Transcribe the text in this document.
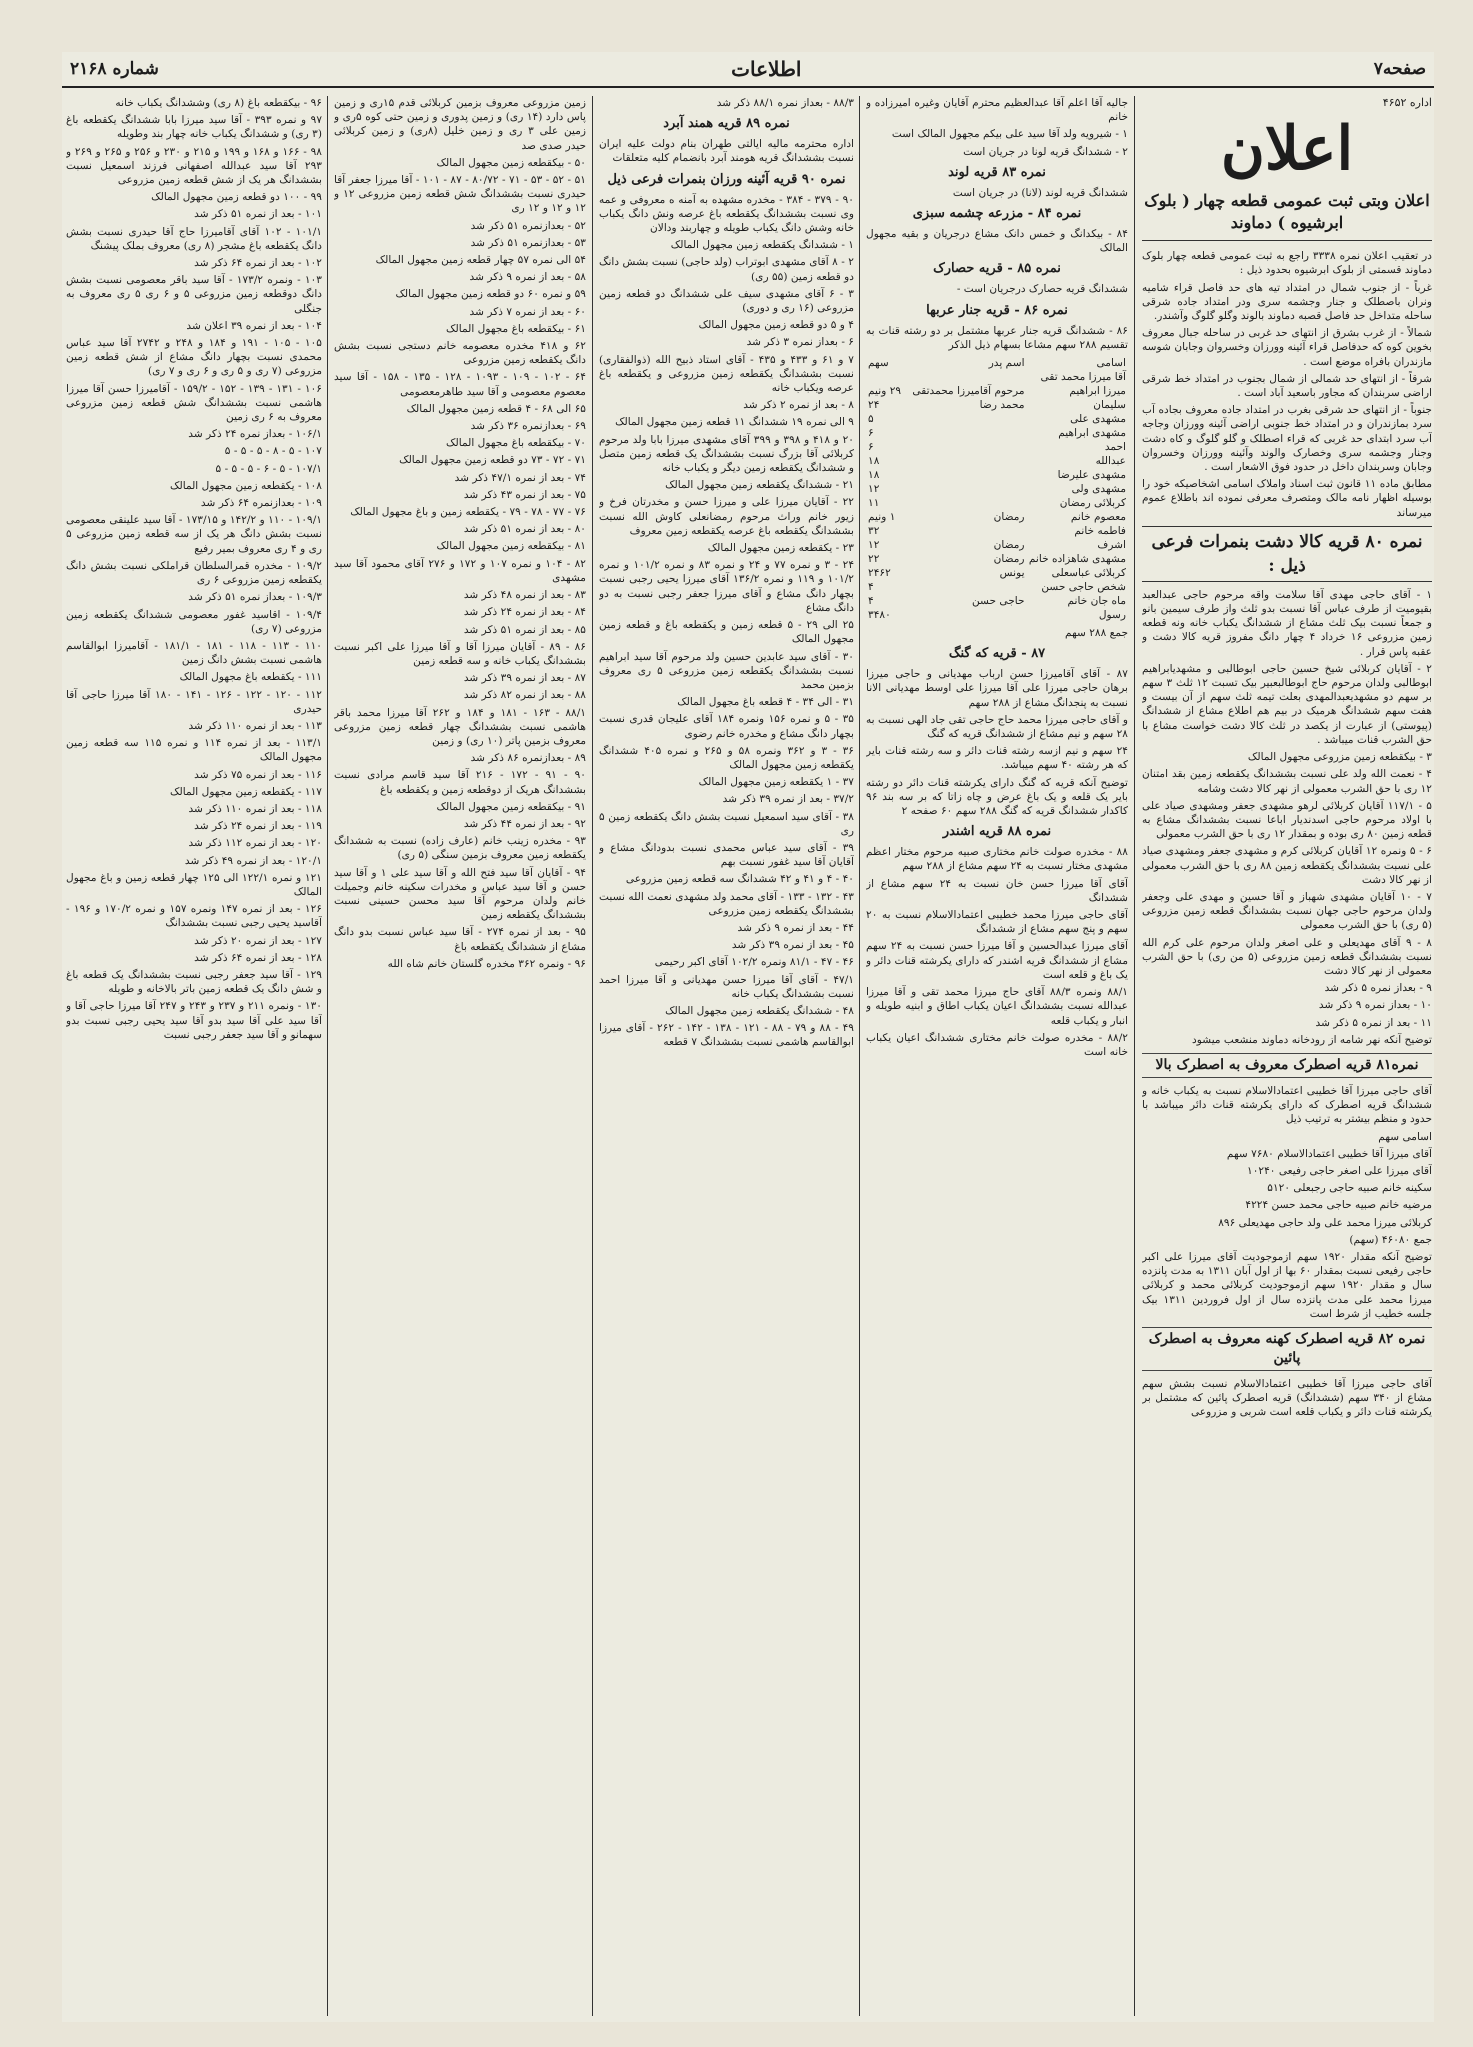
صفحه۷
اطلاعات
شماره ۲۱۶۸
اداره ۴۶۵۲
اعلان
اعلان وبتی ثبت عمومی قطعه چهار ( بلوک ابرشیوه ) دماوند

در تعقیب اعلان نمره ۳۳۳۸ راجع به ثبت عمومی قطعه چهار بلوک دماوند قسمتی از بلوک ابرشیوه بحدود ذیل :

غرباً - از جنوب شمال در امتداد تیه های حد فاصل قراء شامیه ونران باصطلک و جنار وجشمه سری ودر امتداد جاده شرقی ساحله متداخل حد فاصل قصبه دماوند بالوند وگلو گلوگ وآشندر.

شمالاً - از غرب بشرق از انتهای حد غربی در ساحله جبال معروف بخوین کوه که حدفاصل قراء آئینه وورزان وخسروان وجابان شوسه مازندران بافراه موضع است .

شرقاً - از انتهای حد شمالی از شمال بجنوب در امتداد خط شرقی اراضی سربندان که مجاور باسعید آباد است .

جنوباً - از انتهای حد شرقی بغرب در امتداد جاده معروف بجاده آب سرد بمازندران و در امتداد خط جنوبی اراضی آئینه وورزان وجاجه آب سرد ابتدای حد غربی که قراء اصطلک و گلو گلوگ و کاه دشت وجنار وجشمه سری وخصارک والوند وآئینه وورزان وخسروان وجابان وسربندان داخل در حدود فوق الاشعار است .

مطابق ماده ۱۱ قانون ثبت اسناد واملاک اسامی اشخاصیکه خود را بوسیله اظهار نامه مالک ومتصرف معرفی نموده اند باطلاع عموم میرساند

نمره ۸۰ قریه کالا دشت بنمرات فرعی ذیل :

۱ - آقای حاجی مهدی آقا سلامت واقه مرحوم حاجی عبدالعبد بقیومیت از طرف عباس آقا نسبت بدو ثلث واز طرف سیمین بانو و جمعاً نسبت بیک ثلث مشاع از ششدانگ یکباب خانه ونه قطعه زمین مزروعی ۱۶ خرداد ۴ چهار دانگ مفروز قریه کالا دشت و عقبه پاس قرار .

۲ - آقایان کربلائی شیخ حسین حاجی ابوطالبی و مشهدیابراهیم ابوطالبی ولدان مرحوم حاج ابوطالبعبیر بیک تسبت ۱۲ ثلث ۳ سهم بر سهم دو مشهدیعبدالمهدی بعلت تیمه ثلث سهم از آن بیست و هفت سهم ششدانگ هرمیک در بیم هم اطلاع مشاع از ششدانگ (پیوستی) از عبارت از یکصد در ثلث کالا دشت خواست مشاع با حق الشرب قنات میباشد .

۳ - بیکقطعه زمین مزروعی مجهول المالک

۴ - نعمت الله ولد علی نسبت بششدانگ یکقطعه زمین بقد امتنان ۱۲ ری با حق الشرب معمولی از نهر کالا دشت وشامه

۵ - ۱۱۷/۱ آقایان کربلائی لرهو مشهدی جعفر ومشهدی صیاد علی با اولاد مرحوم حاجی اسدندیار اباعا نسبت بششدانگ مشاع به قطعه زمین ۸۰ ری بوده و بمقدار ۱۲ ری با حق الشرب معمولی

۶ - ۵ ونمره ۱۲ آقایان کربلائی کرم و مشهدی جعفر ومشهدی صیاد علی نسبت بششدانگ یکقطعه زمین ۸۸ ری با حق الشرب معمولی از نهر کالا دشت

۷ - ۱۰ آقایان مشهدی شهباز و آقا حسین و مهدی علی وجعفر ولدان مرحوم حاجی جهان نسبت بششدانگ قطعه زمین مزروعی (۵ ری) با حق الشرب معمولی

۸ - ۹ آقای مهدیعلی و علی اصغر ولدان مرحوم علی کرم الله نسبت بششدانگ قطعه زمین مزروعی (۵ من ری) با حق الشرب معمولی از نهر کالا دشت

۹ - بعداز نمره ۵ ذکر شد

۱۰ - بعداز نمره ۹ ذکر شد

۱۱ - بعد از نمره ۵ ذکر شد

توضیح آنکه نهر شامه از رودخانه دماوند منشعب میشود

نمره۸۱ قریه اصطرک معروف به اصطرک بالا

آقای حاجی میرزا آقا خطیبی اعتمادالاسلام نسبت به یکباب خانه و ششدانگ قریه اصطرک که دارای یکرشته قنات دائر میباشد با حدود و منظم بیشتر به ترتیب ذیل

اسامی سهم

آقای میرزا آقا خطیبی اعتمادالاسلام ۷۶۸۰ سهم

آقای میرزا علی اصغر حاجی رفیعی ۱۰۲۴۰

سکینه خانم صبیه حاجی رجبعلی ۵۱۲۰

مرضیه خانم صبیه حاجی محمد حسن ۴۲۲۴

کربلائی میرزا محمد علی ولد حاجی مهدیعلی ۸۹۶

جمع ۴۶۰۸۰ (سهم)

توضیح آنکه مقدار ۱۹۲۰ سهم ازموجودیت آقای میرزا علی اکبر حاجی رفیعی نسبت بمقدار ۶۰ بها از اول آبان ۱۳۱۱ به مدت پانزده سال و مقدار ۱۹۲۰ سهم ازموجودیت کربلائی محمد و کربلائی میرزا محمد علی مدت پانزده سال از اول فروردین ۱۳۱۱ بیک جلسه خطیب از شرط است

نمره ۸۲ قریه اصطرک کهنه معروف به اصطرک پائین

آقای حاجی میرزا آقا خطیبی اعتمادالاسلام نسبت بشش سهم مشاع از ۳۴۰ سهم (ششدانگ) قریه اصطرک پائین که مشتمل بر یکرشته قنات دائر و یکباب قلعه است شربی و مزروعی

جالیه آقا اعلم آقا عبدالعظیم محترم آقایان وغیره امیرزاده و خانم

۱ - شیرویه ولد آقا سید علی بیکم مجهول المالک است

۲ - ششدانگ قریه لونا در جریان است

نمره ۸۳ قریه لوند

ششدانگ قریه لوند (لانا) در جریان است

نمره ۸۴ - مزرعه چشمه سبزی

۸۴ - بیکدانگ و خمس دانک مشاع درجریان و بقیه مجهول المالک

نمره ۸۵ - قریه حصارک

ششدانگ قریه حصارک درجریان است -

نمره ۸۶ - قریه جنار عربها

۸۶ - ششدانگ قریه جنار عربها مشتمل بر دو رشته قنات به تقسیم ۲۸۸ سهم مشاعا بسهام ذیل الذکر

اسامی	اسم پدر	سهم
آقا میرزا محمد تقی		
میرزا ابراهیم	مرحوم آقامیرزا محمدتقی	۲۹ ونیم
سلیمان	محمد رضا	۲۴
مشهدی علی		۵
مشهدی ابراهیم		۶
احمد		۶
عبدالله		۱۸
مشهدی علیرضا		۱۸
مشهدی ولی		۱۲
کربلائی رمضان		۱۱
معصوم خانم	رمضان	۱ ونیم
فاطمه خانم		۳۲
اشرف	رمضان	۱۲
مشهدی شاهزاده خانم	رمضان	۲۲
کربلائی عباسعلی	یونس	۲۴۶۲
شخص حاجی حسن		۴
ماه جان خانم	حاجی حسن	۴
رسول		۳۴۸۰

جمع ۲۸۸ سهم

۸۷ - قریه که گنگ

۸۷ - آقای آقامیرزا حسن ارباب مهدیانی و حاجی میرزا برهان حاجی میرزا علی آقا میرزا علی اوسط مهدیانی الانا نسبت به پنجدانگ مشاع از ۲۸۸ سهم

و آقای حاجی میرزا محمد حاج حاجی تقی جاد الهی نسبت به ۲۸ سهم و نیم مشاع از ششدانگ قریه که گنگ

۲۴ سهم و نیم ازسه رشته قنات دائر و سه رشته قنات بایر که هر رشته ۴۰ سهم میباشد.

توضیح آنکه قریه که گنگ دارای یکرشته قنات دائر دو رشته بایر یک قلعه و یک باغ عرض و چاه زاتا که بر سه بند ۹۶ کاکدار ششدانگ قریه که گنگ ۲۸۸ سهم ۶۰ صفحه ۲

نمره ۸۸ قریه اشندر

۸۸ - مخدره صولت خانم مختاری صبیه مرحوم مختار اعظم مشهدی مختار نسبت به ۲۴ سهم مشاع از ۲۸۸ سهم

آقای آقا میرزا حسن خان نسبت به ۲۴ سهم مشاع از ششدانگ

آقای حاجی میرزا محمد خطیبی اعتمادالاسلام نسبت به ۲۰ سهم و پنج سهم مشاع از ششدانگ

آقای میرزا عبدالحسین و آقا میرزا حسن نسبت به ۲۴ سهم مشاع از ششدانگ قریه اشندر که دارای یکرشته قنات دائر و یک باغ و قلعه است

۸۸/۱ ونمره ۸۸/۳ آقای حاج میرزا محمد تقی و آقا میرزا عبدالله نسبت بششدانگ اعیان یکباب اطاق و ابنیه طویله و انبار و یکباب قلعه

۸۸/۲ - مخدره صولت خانم مختاری ششدانگ اعیان یکباب خانه است

۸۸/۳ - بعداز نمره ۸۸/۱ ذکر شد

نمره ۸۹ قریه همند آبرد

اداره محترمه مالیه ایالتی طهران بنام دولت علیه ایران نسبت بششدانگ قریه هومند آبرد بانضمام کلیه متعلقات

نمره ۹۰ قریه آئینه ورزان بنمرات فرعی ذیل

۹۰ - ۳۷۹ - ۳۸۴ - مخدره مشهده به آمنه ه معروفی و عمه وی نسبت بششدانگ یکقطعه باغ عرصه ونش دانگ یکباب خانه وشش دانگ یکباب طویله و چهاربند ودالان

۱ - ششدانگ یکقطعه زمین مجهول المالک

۲ - ۸ آقای مشهدی ابوتراب (ولد حاجی) نسبت بشش دانگ دو قطعه زمین (۵۵ ری)

۳ - ۶ آقای مشهدی سیف علی ششدانگ دو قطعه زمین مزروعی (۱۶ ری و دوری)

۴ و ۵ دو قطعه زمین مجهول المالک

۶ - بعداز نمره ۳ ذکر شد

۷ و ۶۱ و ۴۳۳ و ۴۳۵ - آقای استاد ذبیح الله (ذوالفقاری) نسبت بششدانگ یکقطعه زمین مزروعی و یکقطعه باغ عرصه ویکباب خانه

۸ - بعد از نمره ۲ ذکر شد

۹ الی نمره ۱۹ ششدانگ ۱۱ قطعه زمین مجهول المالک

۲۰ و ۴۱۸ و ۳۹۸ و ۳۹۹ آقای مشهدی میرزا بابا ولد مرحوم کربلائی آقا بزرگ نسبت بششدانگ یک قطعه زمین متصل و ششدانگ یکقطعه زمین دیگر و یکباب خانه

۲۱ - ششدانگ یکقطعه زمین مجهول المالک

۲۲ - آقایان میرزا علی و میرزا حسن و مخدرتان فرخ و زیور خانم وراث مرحوم رمضانعلی کاوش الله نسبت بششدانگ یکقطعه باغ عرصه یکقطعه زمین معروف

۲۳ - یکقطعه زمین مجهول المالک

۲۴ - ۳ و نمره ۷۷ و ۲۴ و نمره ۸۳ و نمره ۱۰۱/۲ و نمره ۱۰۱/۲ و ۱۱۹ و نمره ۱۳۶/۲ آقای میرزا یحیی رجبی نسبت بچهار دانگ مشاع و آقای میرزا جعفر رجبی نسبت به دو دانگ مشاع

۲۵ الی ۲۹ - ۵ قطعه زمین و یکقطعه باغ و قطعه زمین مجهول المالک

۳۰ - آقای سید عابدین حسین ولد مرحوم آقا سید ابراهیم نسبت بششدانگ یکقطعه زمین مزروعی ۵ ری معروف بزمین محمد

۳۱ - الی ۳۴ - ۴ قطعه باغ مجهول المالک

۳۵ - ۵ و نمره ۱۵۶ ونمره ۱۸۴ آقای علیجان قدری نسبت بچهار دانگ مشاع و مخدره خانم رضوی

۳۶ - ۳ و ۳۶۲ ونمره ۵۸ و ۲۶۵ و نمره ۴۰۵ ششدانگ یکقطعه زمین مجهول المالک

۳۷ - ۱ یکقطعه زمین مجهول المالک

۳۷/۲ - بعد از نمره ۳۹ ذکر شد

۳۸ - آقای سید اسمعیل نسبت بشش دانگ یکقطعه زمین ۵ ری

۳۹ - آقای سید عباس محمدی نسبت بدودانگ مشاع و آقایان آقا سید غفور نسبت بهم

۴۰ - ۴ و ۴۱ و ۴۲ ششدانگ سه قطعه زمین مزروعی

۴۳ - ۱۳۲ - ۱۳۳ - آقای محمد ولد مشهدی نعمت الله نسبت بششدانگ یکقطعه زمین مزروعی

۴۴ - بعد از نمره ۹ ذکر شد

۴۵ - بعد از نمره ۳۹ ذکر شد

۴۶ - ۴۷ - ۸۱/۱ ونمره ۱۰۲/۲ آقای اکبر رحیمی

۴۷/۱ - آقای آقا میرزا حسن مهدیانی و آقا میرزا احمد نسبت بششدانگ یکباب خانه

۴۸ - ششدانگ یکقطعه زمین مجهول المالک

۴۹ - ۸۸ و ۷۹ - ۸۸ - ۱۲۱ - ۱۳۸ - ۱۴۲ - ۲۶۲ - آقای میرزا ابوالقاسم هاشمی نسبت بششدانگ ۷ قطعه

زمین مزروعی معروف بزمین کربلائی قدم ۱۵ری و زمین پاس دارد (۱۴ ری) و زمین پدوری و زمین حتی کوه ۵ری و زمین علی ۳ ری و زمین خلیل (۸ری) و زمین کربلائی حیدر صدی صد

۵۰ - بیکقطعه زمین مجهول المالک

۵۱ - ۵۲ - ۵۳ - ۷۱ - ۸۰/۷۲ - ۸۷ - ۱۰۱ - آقا میرزا جعفر آقا حیدری نسبت بششدانگ شش قطعه زمین مزروعی ۱۲ و ۱۲ و ۱۲ و ۱۲ ری

۵۲ - بعدازنمره ۵۱ ذکر شد

۵۳ - بعدازنمره ۵۱ ذکر شد

۵۴ الی نمره ۵۷ چهار قطعه زمین مجهول المالک

۵۸ - بعد از نمره ۹ ذکر شد

۵۹ و نمره ۶۰ دو قطعه زمین مجهول المالک

۶۰ - بعد از نمره ۷ ذکر شد

۶۱ - بیکقطعه باغ مجهول المالک

۶۲ و ۴۱۸ مخدره معصومه خانم دستجی نسبت بشش دانگ یکقطعه زمین مزروعی

۶۴ - ۱۰۲ - ۱۰۹ - ۱۰۹۳ - ۱۲۸ - ۱۳۵ - ۱۵۸ - آقا سید معصوم معصومی و آقا سید طاهرمعصومی

۶۵ الی ۶۸ - ۴ قطعه زمین مجهول المالک

۶۹ - بعدازنمره ۳۶ ذکر شد

۷۰ - بیکقطعه باغ مجهول المالک

۷۱ - ۷۲ - ۷۳ دو قطعه زمین مجهول المالک

۷۴ - بعد از نمره ۴۷/۱ ذکر شد

۷۵ - بعد از نمره ۴۳ ذکر شد

۷۶ - ۷۷ - ۷۸ - ۷۹ - یکقطعه زمین و باغ مجهول المالک

۸۰ - بعد از نمره ۵۱ ذکر شد

۸۱ - بیکقطعه زمین مجهول المالک

۸۲ - ۱۰۴ و نمره ۱۰۷ و ۱۷۲ و ۲۷۶ آقای محمود آقا سید مشهدی

۸۳ - بعد از نمره ۴۸ ذکر شد

۸۴ - بعد از نمره ۲۴ ذکر شد

۸۵ - بعد از نمره ۵۱ ذکر شد

۸۶ - ۸۹ - آقایان میرزا آقا و آقا میرزا علی اکبر نسبت بششدانگ یکباب خانه و سه قطعه زمین

۸۷ - بعد از نمره ۳۹ ذکر شد

۸۸ - بعد از نمره ۸۲ ذکر شد

۸۸/۱ - ۱۶۳ - ۱۸۱ و ۱۸۴ و ۲۶۲ آقا میرزا محمد باقر هاشمی نسبت بششدانگ چهار قطعه زمین مزروعی معروف بزمین پاتر (۱۰ ری) و زمین

۸۹ - بعدازنمره ۸۶ ذکر شد

۹۰ - ۹۱ - ۱۷۲ - ۲۱۶ آقا سید قاسم مرادی نسبت بششدانگ هریک از دوقطعه زمین و یکقطعه باغ

۹۱ - بیکقطعه زمین مجهول المالک

۹۲ - بعد از نمره ۴۴ ذکر شد

۹۳ - مخدره زینب خانم (عارف زاده) نسبت به ششدانگ یکقطعه زمین معروف بزمین سنگی (۵ ری)

۹۴ - آقایان آقا سید فتح الله و آقا سید علی ۱ و آقا سید حسن و آقا سید عباس و مخدرات سکینه خانم وجمیلت خانم ولدان مرحوم آقا سید محسن حسینی نسبت بششدانگ یکقطعه زمین

۹۵ - بعد از نمره ۲۷۴ - آقا سید عباس نسبت بدو دانگ مشاع از ششدانگ یکقطعه باغ

۹۶ - ونمره ۳۶۲ مخدره گلستان خانم شاه الله

۹۶ - بیکقطعه باغ (۸ ری) وششدانگ یکباب خانه

۹۷ و نمره ۳۹۳ - آقا سید میرزا بابا ششدانگ یکقطعه باغ (۳ ری) و ششدانگ یکباب خانه چهار بند وطویله

۹۸ - ۱۶۶ و ۱۶۸ و ۱۹۹ و ۲۱۵ و ۲۳۰ و ۲۵۶ و ۲۶۵ و ۲۶۹ و ۲۹۳ آقا سید عبدالله اصفهانی فرزند اسمعیل نسبت بششدانگ هر یک از شش قطعه زمین مزروعی

۹۹ - ۱۰۰ دو قطعه زمین مجهول المالک

۱۰۱ - بعد از نمره ۵۱ ذکر شد

۱۰۱/۱ - ۱۰۲ آقای آقامیرزا حاج آقا حیدری نسبت بشش دانگ یکقطعه باغ مشجر (۸ ری) معروف بملک پیشنگ

۱۰۲ - بعد از نمره ۶۴ ذکر شد

۱۰۳ - ونمره ۱۷۳/۲ - آقا سید باقر معصومی نسبت بشش دانگ دوقطعه زمین مزروعی ۵ و ۶ ری ۵ ری معروف به جنگلی

۱۰۴ - بعد از نمره ۳۹ اعلان شد

۱۰۵ - ۱۰۵ - ۱۹۱ و ۱۸۴ و ۲۴۸ و ۲۷۴۲ آقا سید عباس محمدی نسبت بچهار دانگ مشاع از شش قطعه زمین مزروعی (۷ ری و ۵ ری و ۶ ری و ۷ ری)

۱۰۶ - ۱۳۱ - ۱۳۹ - ۱۵۲ - ۱۵۹/۲ - آقامیرزا حسن آقا میرزا هاشمی نسبت بششدانگ شش قطعه زمین مزروعی معروف به ۶ ری زمین

۱۰۶/۱ - بعداز نمره ۲۴ ذکر شد

۱۰۷ - ۵ - ۸ - ۵ - ۵ - ۵

۱۰۷/۱ - ۵ - ۶ - ۵ - ۵ - ۵

۱۰۸ - یکقطعه زمین مجهول المالک

۱۰۹ - بعدازنمره ۶۴ ذکر شد

۱۰۹/۱ - ۱۱۰ و ۱۴۲/۲ و ۱۷۳/۱۵ - آقا سید علینقی معصومی نسبت بشش دانگ هر یک از سه قطعه زمین مزروعی ۵ ری و ۴ ری معروف بمیر رفیع

۱۰۹/۲ - مخدره قمرالسلطان قراملکی نسبت بشش دانگ یکقطعه زمین مزروعی ۶ ری

۱۰۹/۳ - بعداز نمره ۵۱ ذکر شد

۱۰۹/۴ - اقاسید غفور معصومی ششدانگ یکقطعه زمین مزروعی (۷ ری)

۱۱۰ - ۱۱۳ - ۱۱۸ - ۱۸۱ - ۱۸۱/۱ - آقامیرزا ابوالقاسم هاشمی نسبت بشش دانگ زمین

۱۱۱ - یکقطعه باغ مجهول المالک

۱۱۲ - ۱۲۰ - ۱۲۲ - ۱۲۶ - ۱۴۱ - ۱۸۰ آقا میرزا حاجی آقا حیدری

۱۱۳ - بعد از نمره ۱۱۰ ذکر شد

۱۱۳/۱ - بعد از نمره ۱۱۴ و نمره ۱۱۵ سه قطعه زمین مجهول المالک

۱۱۶ - بعد از نمره ۷۵ ذکر شد

۱۱۷ - یکقطعه زمین مجهول المالک

۱۱۸ - بعد از نمره ۱۱۰ ذکر شد

۱۱۹ - بعد از نمره ۲۴ ذکر شد

۱۲۰ - بعد از نمره ۱۱۲ ذکر شد

۱۲۰/۱ - بعد از نمره ۴۹ ذکر شد

۱۲۱ و نمره ۱۲۲/۱ الی ۱۲۵ چهار قطعه زمین و باغ مجهول المالک

۱۲۶ - بعد از نمره ۱۴۷ ونمره ۱۵۷ و نمره ۱۷۰/۲ و ۱۹۶ - آقاسید یحیی رجبی نسبت بششدانگ

۱۲۷ - بعد از نمره ۲۰ ذکر شد

۱۲۸ - بعد از نمره ۶۴ ذکر شد

۱۲۹ - آقا سید جعفر رجبی نسبت بششدانگ یک قطعه باغ و شش دانگ یک قطعه زمین باتر بالاخانه و طویله

۱۳۰ - ونمره ۲۱۱ و ۲۳۷ و ۲۴۳ و ۲۴۷ آقا میرزا حاجی آقا و آقا سید علی آقا سید بدو آقا سید یحیی رجبی نسبت بدو سهمانو و آقا سید جعفر رجبی نسبت
